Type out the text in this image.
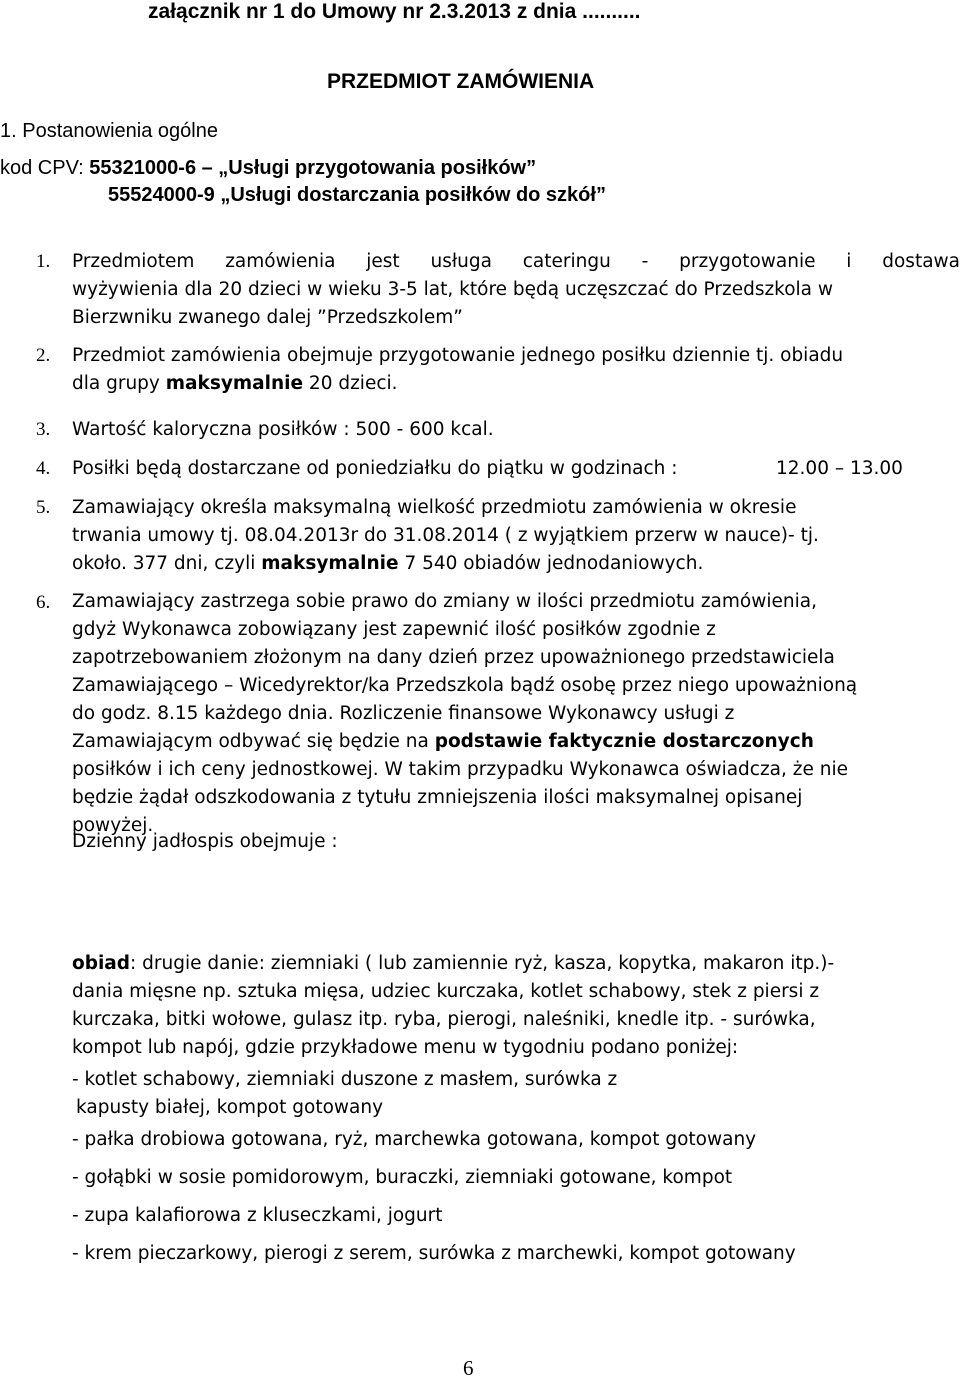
załącznik nr 1 do Umowy nr 2.3.2013 z dnia ..........
PRZEDMIOT ZAMÓWIENIA
1. Postanowienia ogólne
kod CPV: 55321000-6 – „Usługi przygotowania posiłków”
55524000-9 „Usługi dostarczania posiłków do szkół”
1. Przedmiotem zamówienia jest usługa cateringu - przygotowanie i dostawa
wyżywienia dla 20 dzieci w wieku 3-5 lat, które będą uczęszczać do Przedszkola w
Bierzwniku zwanego dalej ”Przedszkolem”
2. Przedmiot zamówienia obejmuje przygotowanie jednego posiłku dziennie tj. obiadu
dla grupy maksymalnie 20 dzieci.
3. Wartość kaloryczna posiłków : 500 - 600 kcal.
4. Posiłki będą dostarczane od poniedziałku do piątku w godzinach :	12.00 – 13.00
5. Zamawiający określa maksymalną wielkość przedmiotu zamówienia w okresie
trwania umowy tj. 08.04.2013r do 31.08.2014 ( z wyjątkiem przerw w nauce)- tj.
około. 377 dni, czyli maksymalnie 7 540 obiadów jednodaniowych.
6. Zamawiający zastrzega sobie prawo do zmiany w ilości przedmiotu zamówienia,
gdyż Wykonawca zobowiązany jest zapewnić ilość posiłków zgodnie z
zapotrzebowaniem złożonym na dany dzień przez upoważnionego przedstawiciela
Zamawiającego – Wicedyrektor/ka Przedszkola bądź osobę przez niego upoważnioną
do godz. 8.15 każdego dnia. Rozliczenie finansowe Wykonawcy usługi z
Zamawiającym odbywać się będzie na podstawie faktycznie dostarczonych
posiłków i ich ceny jednostkowej. W takim przypadku Wykonawca oświadcza, że nie
będzie żądał odszkodowania z tytułu zmniejszenia ilości maksymalnej opisanej
powyżej.
Dzienny jadłospis obejmuje :
obiad: drugie danie: ziemniaki ( lub zamiennie ryż, kasza, kopytka, makaron itp.)-
dania mięsne np. sztuka mięsa, udziec kurczaka, kotlet schabowy, stek z piersi z
kurczaka, bitki wołowe, gulasz itp. ryba, pierogi, naleśniki, knedle itp. - surówka,
kompot lub napój, gdzie przykładowe menu w tygodniu podano poniżej:
- kotlet schabowy, ziemniaki duszone z masłem, surówka z
kapusty białej, kompot gotowany
- pałka drobiowa gotowana, ryż, marchewka gotowana, kompot gotowany
- gołąbki w sosie pomidorowym, buraczki, ziemniaki gotowane, kompot
- zupa kalafiorowa z kluseczkami, jogurt
- krem pieczarkowy, pierogi z serem, surówka z marchewki, kompot gotowany
6
